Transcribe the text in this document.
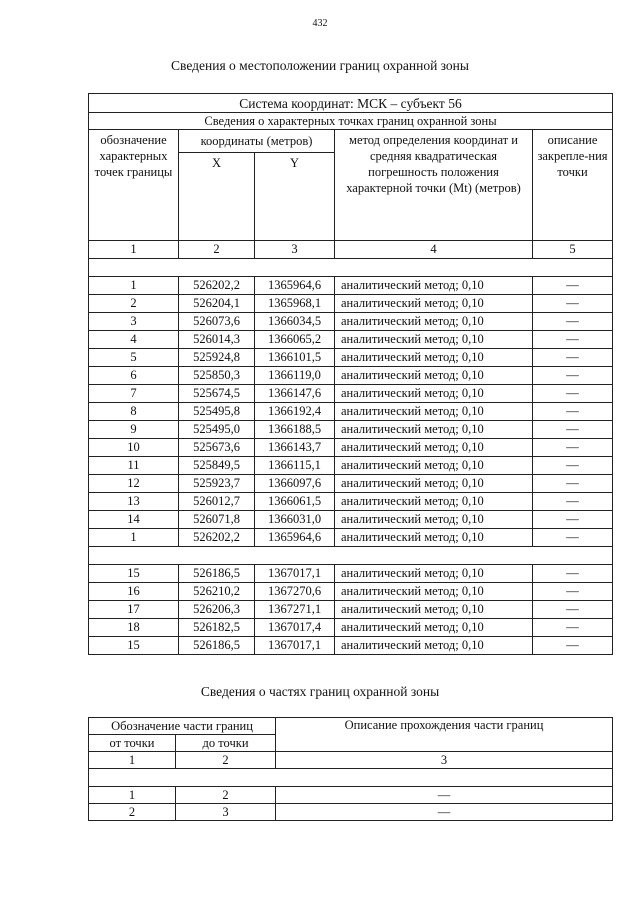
432
Сведения о местоположении границ охранной зоны
Система координат: МСК – субъект 56				
Сведения о характерных точках границ охранной зоны				
обозначение характерных точек границы	координаты (метров)		метод определения координат и средняя квадратическая погрешность положения характерной точки (Мt) (метров)	описание закрепле-ния точки
	X	Y		
1	2	3	4	5

1	526202,2	1365964,6	аналитический метод; 0,10	—
2	526204,1	1365968,1	аналитический метод; 0,10	—
3	526073,6	1366034,5	аналитический метод; 0,10	—
4	526014,3	1366065,2	аналитический метод; 0,10	—
5	525924,8	1366101,5	аналитический метод; 0,10	—
6	525850,3	1366119,0	аналитический метод; 0,10	—
7	525674,5	1366147,6	аналитический метод; 0,10	—
8	525495,8	1366192,4	аналитический метод; 0,10	—
9	525495,0	1366188,5	аналитический метод; 0,10	—
10	525673,6	1366143,7	аналитический метод; 0,10	—
11	525849,5	1366115,1	аналитический метод; 0,10	—
12	525923,7	1366097,6	аналитический метод; 0,10	—
13	526012,7	1366061,5	аналитический метод; 0,10	—
14	526071,8	1366031,0	аналитический метод; 0,10	—
1	526202,2	1365964,6	аналитический метод; 0,10	—

15	526186,5	1367017,1	аналитический метод; 0,10	—
16	526210,2	1367270,6	аналитический метод; 0,10	—
17	526206,3	1367271,1	аналитический метод; 0,10	—
18	526182,5	1367017,4	аналитический метод; 0,10	—
15	526186,5	1367017,1	аналитический метод; 0,10	—
Сведения о частях границ охранной зоны
Обозначение части границ		Описание прохождения части границ
от точки	до точки	
1	2	3

1	2	—
2	3	—
